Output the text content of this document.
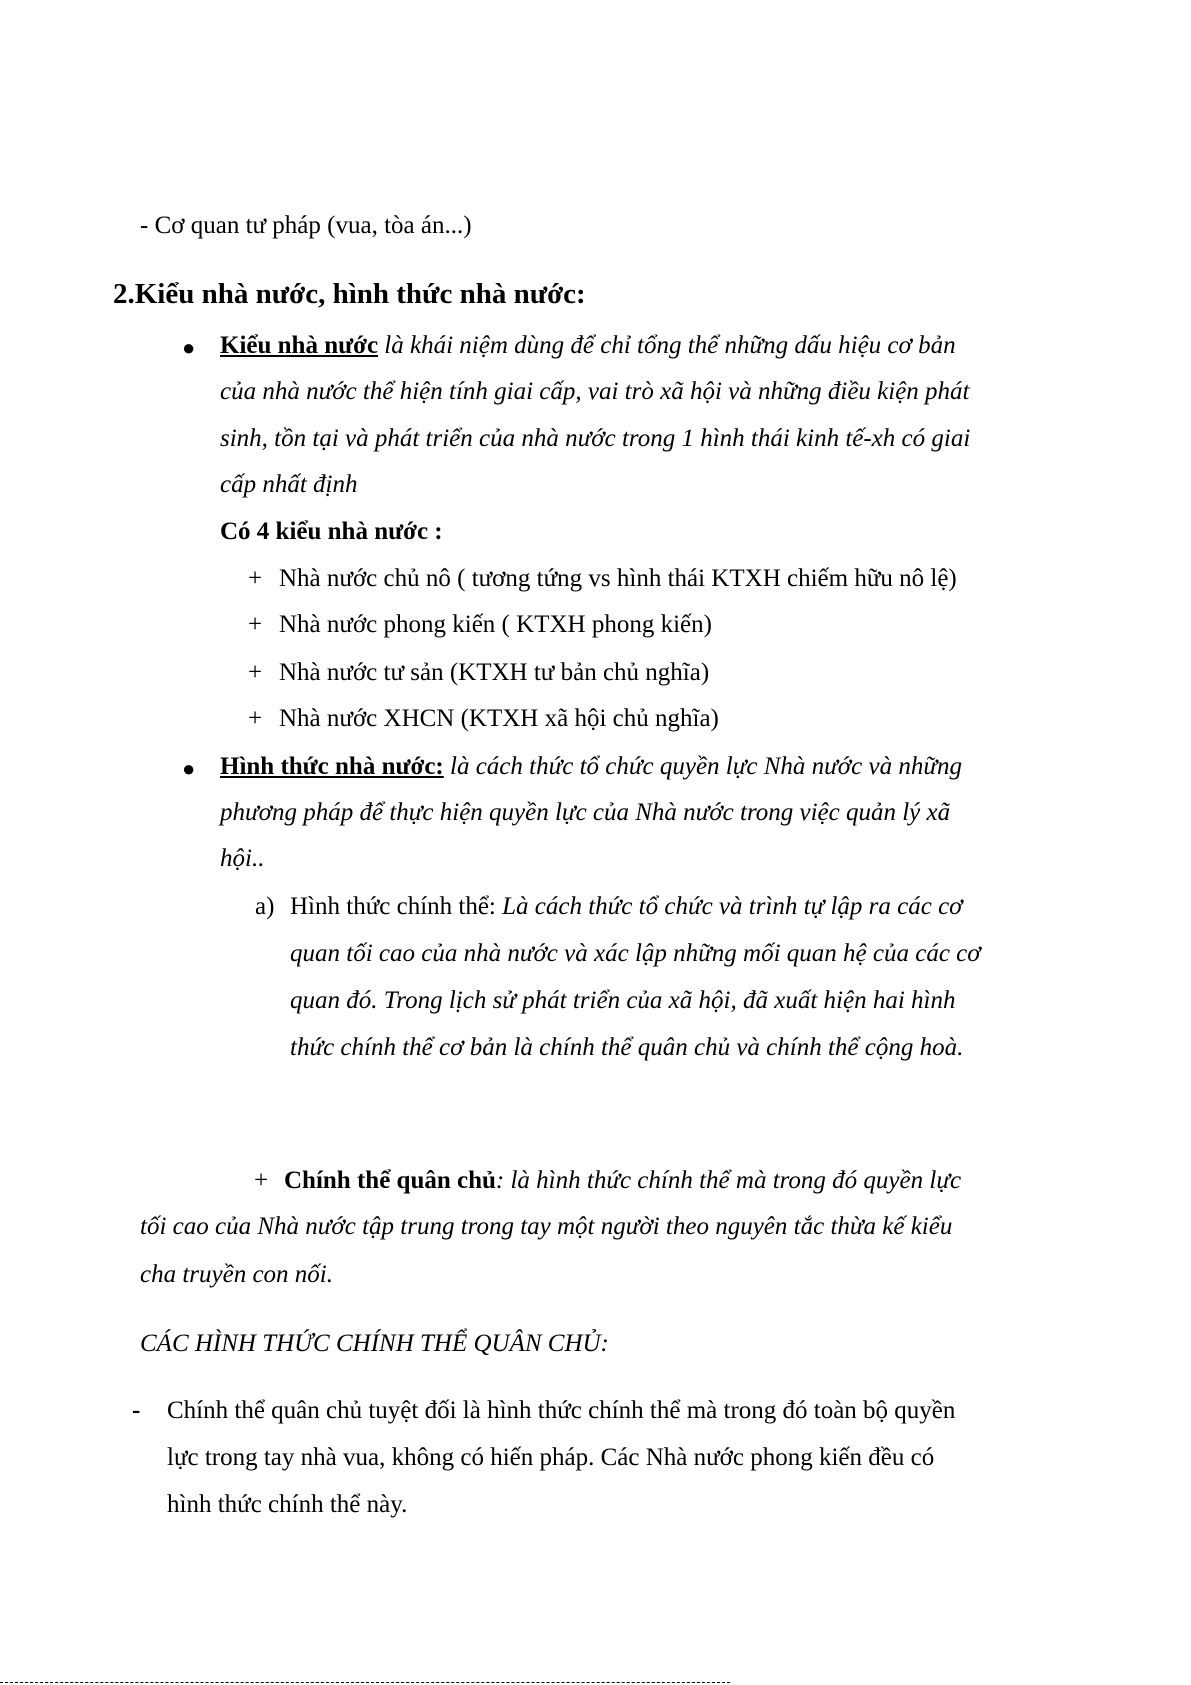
- Cơ quan tư pháp (vua, tòa án...)
2.Kiểu nhà nước, hình thức nhà nước:
● Kiểu nhà nước là khái niệm dùng để chỉ tổng thể những dấu hiệu cơ bản
của nhà nước thể hiện tính giai cấp, vai trò xã hội và những điều kiện phát
sinh, tồn tại và phát triển của nhà nước trong 1 hình thái kinh tế-xh có giai
cấp nhất định
Có 4 kiểu nhà nước :
+ Nhà nước chủ nô ( tương tứng vs hình thái KTXH chiếm hữu nô lệ)
+ Nhà nước phong kiến ( KTXH phong kiến)
+ Nhà nước tư sản (KTXH tư bản chủ nghĩa)
+ Nhà nước XHCN (KTXH xã hội chủ nghĩa)
● Hình thức nhà nước: là cách thức tổ chức quyền lực Nhà nước và những
phương pháp để thực hiện quyền lực của Nhà nước trong việc quản lý xã
hội..
a) Hình thức chính thể: Là cách thức tổ chức và trình tự lập ra các cơ
quan tối cao của nhà nước và xác lập những mối quan hệ của các cơ
quan đó. Trong lịch sử phát triển của xã hội, đã xuất hiện hai hình
thức chính thể cơ bản là chính thể quân chủ và chính thể cộng hoà.
+ Chính thể quân chủ: là hình thức chính thể mà trong đó quyền lực
tối cao của Nhà nước tập trung trong tay một người theo nguyên tắc thừa kế kiểu
cha truyền con nối.
CÁC HÌNH THỨC CHÍNH THỂ QUÂN CHỦ:
- Chính thể quân chủ tuyệt đối là hình thức chính thể mà trong đó toàn bộ quyền
lực trong tay nhà vua, không có hiến pháp. Các Nhà nước phong kiến đều có
hình thức chính thể này.
